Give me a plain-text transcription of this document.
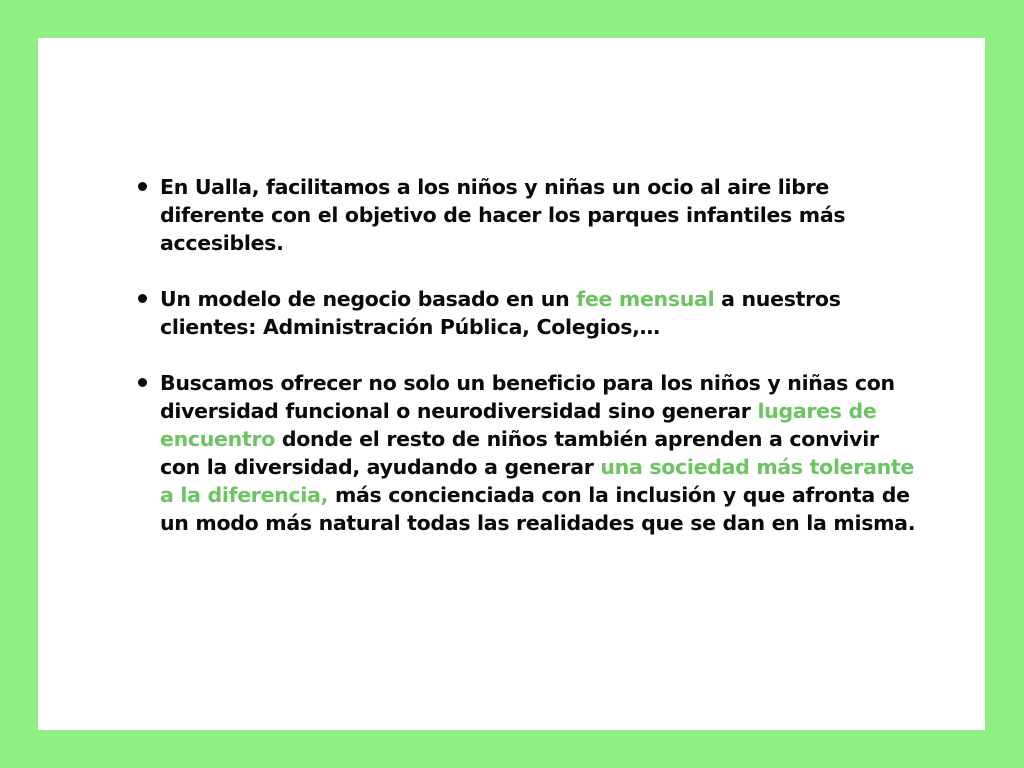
En Ualla, facilitamos a los niños y niñas un ocio al aire libre diferente con el objetivo de hacer los parques infantiles más accesibles.
Un modelo de negocio basado en un fee mensual a nuestros clientes: Administración Pública, Colegios,…
Buscamos ofrecer no solo un beneficio para los niños y niñas con diversidad funcional o neurodiversidad sino generar lugares de encuentro donde el resto de niños también aprenden a convivir con la diversidad, ayudando a generar una sociedad más tolerante a la diferencia, más concienciada con la inclusión y que afronta de un modo más natural todas las realidades que se dan en la misma.
